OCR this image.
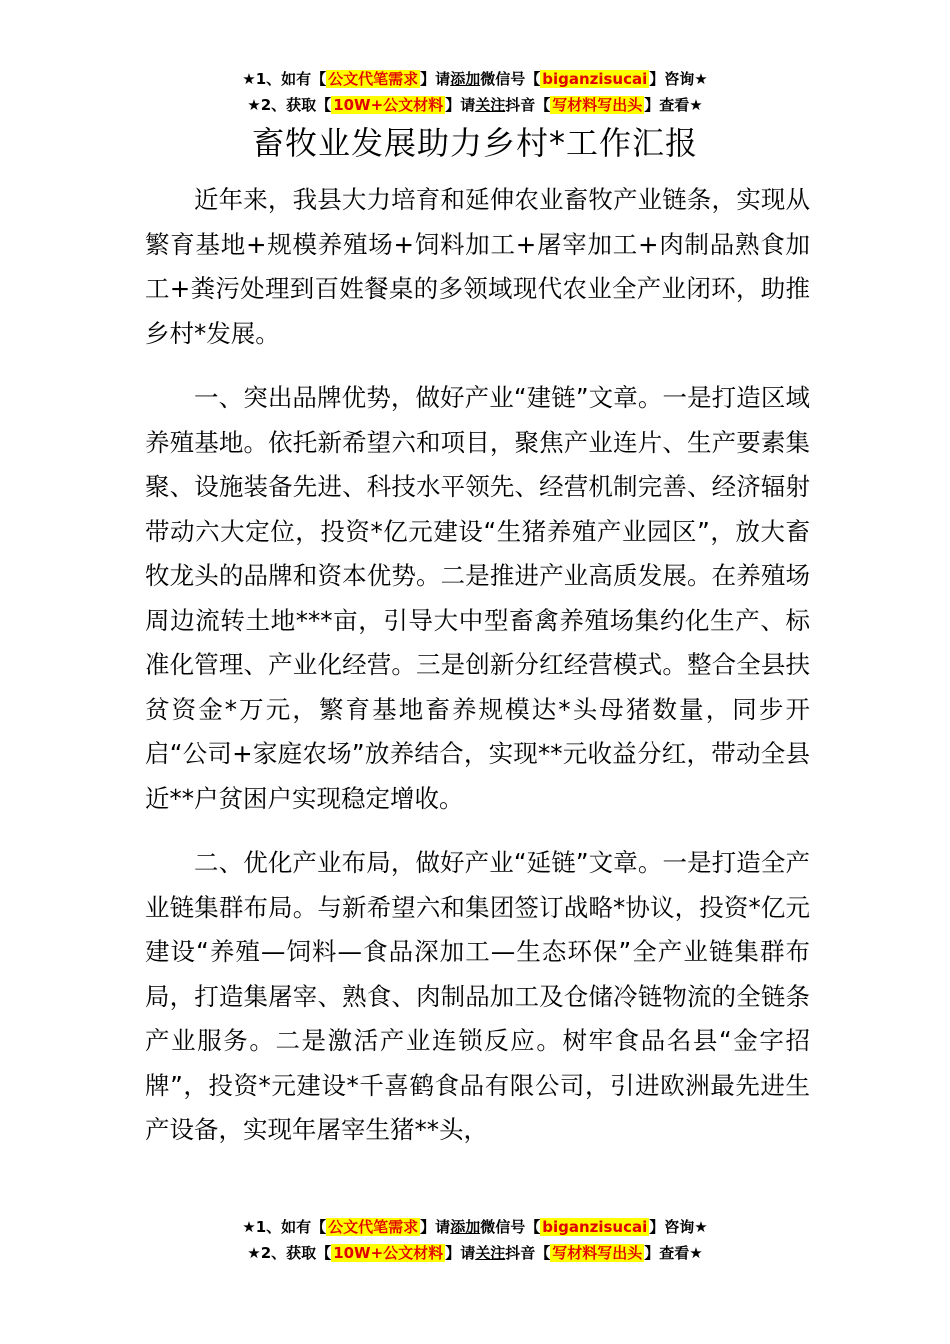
★1、如有【 公文代笔需求 】请添加微信号【 biganzisucai 】咨询★
★2、获取【 10W+公文材料 】请关注抖音【 写材料写出头 】查看★
畜牧业发展助力乡村*工作汇报

近年来，我县大力培育和延伸农业畜牧产业链条，实现从繁育基地+规模养殖场+饲料加工+屠宰加工+肉制品熟食加工+粪污处理到百姓餐桌的多领域现代农业全产业闭环，助推乡村*发展。

一、突出品牌优势，做好产业“建链”文章。一是打造区域养殖基地。依托新希望六和项目，聚焦产业连片、生产要素集聚、设施装备先进、科技水平领先、经营机制完善、经济辐射带动六大定位，投资*亿元建设“生猪养殖产业园区”，放大畜牧龙头的品牌和资本优势。二是推进产业高质发展。在养殖场周边流转土地***亩，引导大中型畜禽养殖场集约化生产、标准化管理、产业化经营。三是创新分红经营模式。整合全县扶贫资金*万元，繁育基地畜养规模达*头母猪数量，同步开启“公司+家庭农场”放养结合，实现**元收益分红，带动全县近**户贫困户实现稳定增收。

二、优化产业布局，做好产业“延链”文章。一是打造全产业链集群布局。与新希望六和集团签订战略*协议，投资*亿元建设“养殖—饲料—食品深加工—生态环保”全产业链集群布局，打造集屠宰、熟食、肉制品加工及仓储冷链物流的全链条产业服务。二是激活产业连锁反应。树牢食品名县“金字招牌”，投资*元建设*千喜鹤食品有限公司，引进欧洲最先进生产设备，实现年屠宰生猪**头，

★1、如有【 公文代笔需求 】请添加微信号【 biganzisucai 】咨询★
★2、获取【 10W+公文材料 】请关注抖音【 写材料写出头 】查看★
